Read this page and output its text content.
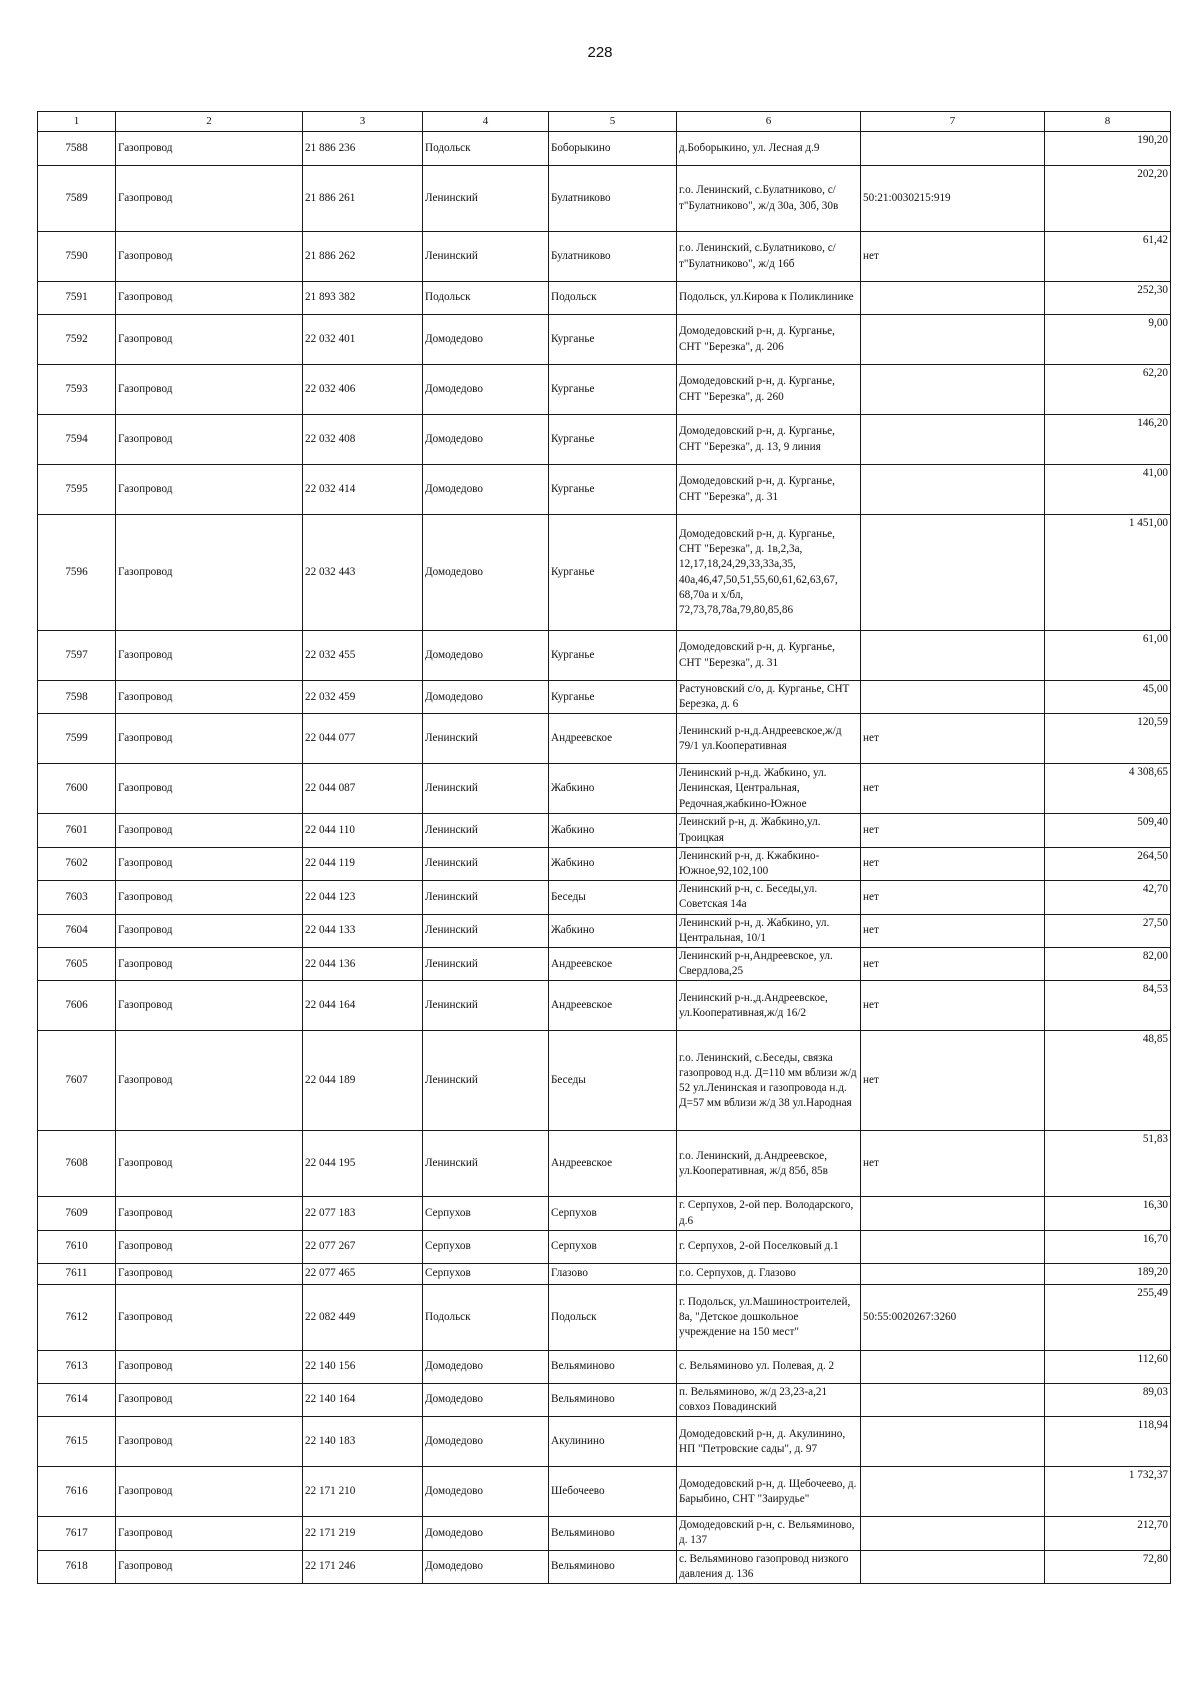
228
1	2	3	4	5	6	7	8
7588	Газопровод	21 886 236	Подольск	Боборыкино	д.Боборыкино, ул. Лесная д.9		190,20
7589	Газопровод	21 886 261	Ленинский	Булатниково	г.о. Ленинский, с.Булатниково, с/т"Булатниково", ж/д 30а, 30б, 30в	50:21:0030215:919	202,20
7590	Газопровод	21 886 262	Ленинский	Булатниково	г.о. Ленинский, с.Булатниково, с/т"Булатниково", ж/д 16б	нет	61,42
7591	Газопровод	21 893 382	Подольск	Подольск	Подольск, ул.Кирова к Поликлинике		252,30
7592	Газопровод	22 032 401	Домодедово	Курганье	Домодедовский р-н, д. Курганье, СНТ "Березка", д. 206		9,00
7593	Газопровод	22 032 406	Домодедово	Курганье	Домодедовский р-н, д. Курганье, СНТ "Березка", д. 260		62,20
7594	Газопровод	22 032 408	Домодедово	Курганье	Домодедовский р-н, д. Курганье, СНТ "Березка", д. 13, 9 линия		146,20
7595	Газопровод	22 032 414	Домодедово	Курганье	Домодедовский р-н, д. Курганье, СНТ "Березка", д. 31		41,00
7596	Газопровод	22 032 443	Домодедово	Курганье	Домодедовский р-н, д. Курганье, СНТ "Березка", д. 1в,2,3а, 12,17,18,24,29,33,33а,35, 40а,46,47,50,51,55,60,61,62,63,67, 68,70а и х/бл, 72,73,78,78а,79,80,85,86		1 451,00
7597	Газопровод	22 032 455	Домодедово	Курганье	Домодедовский р-н, д. Курганье, СНТ "Березка", д. 31		61,00
7598	Газопровод	22 032 459	Домодедово	Курганье	Растуновский с/о, д. Курганье, СНТ Березка, д. 6		45,00
7599	Газопровод	22 044 077	Ленинский	Андреевское	Ленинский р-н,д.Андреевское,ж/д 79/1 ул.Кооперативная	нет	120,59
7600	Газопровод	22 044 087	Ленинский	Жабкино	Ленинский р-н,д. Жабкино, ул. Ленинская, Центральная, Редочная,жабкино-Южное	нет	4 308,65
7601	Газопровод	22 044 110	Ленинский	Жабкино	Леинский р-н, д. Жабкино,ул. Троицкая	нет	509,40
7602	Газопровод	22 044 119	Ленинский	Жабкино	Ленинский р-н, д. Кжабкино-Южное,92,102,100	нет	264,50
7603	Газопровод	22 044 123	Ленинский	Беседы	Ленинский р-н, с. Беседы,ул. Советская 14а	нет	42,70
7604	Газопровод	22 044 133	Ленинский	Жабкино	Ленинский р-н, д. Жабкино, ул. Центральная, 10/1	нет	27,50
7605	Газопровод	22 044 136	Ленинский	Андреевское	Ленинский р-н,Андреевское, ул. Свердлова,25	нет	82,00
7606	Газопровод	22 044 164	Ленинский	Андреевское	Ленинский р-н.,д.Андреевское, ул.Кооперативная,ж/д 16/2	нет	84,53
7607	Газопровод	22 044 189	Ленинский	Беседы	г.о. Ленинский, с.Беседы, связка газопровод н.д. Д=110 мм вблизи ж/д 52 ул.Ленинская и газопровода н.д. Д=57 мм вблизи ж/д 38 ул.Народная	нет	48,85
7608	Газопровод	22 044 195	Ленинский	Андреевское	г.о. Ленинский, д.Андреевское, ул.Кооперативная, ж/д 85б, 85в	нет	51,83
7609	Газопровод	22 077 183	Серпухов	Серпухов	г. Серпухов, 2-ой пер. Володарского, д.6		16,30
7610	Газопровод	22 077 267	Серпухов	Серпухов	г. Серпухов, 2-ой Поселковый д.1		16,70
7611	Газопровод	22 077 465	Серпухов	Глазово	г.о. Серпухов, д. Глазово		189,20
7612	Газопровод	22 082 449	Подольск	Подольск	г. Подольск, ул.Машиностроителей, 8а, "Детское дошкольное учреждение на 150 мест"	50:55:0020267:3260	255,49
7613	Газопровод	22 140 156	Домодедово	Вельяминово	с. Вельяминово ул. Полевая, д. 2		112,60
7614	Газопровод	22 140 164	Домодедово	Вельяминово	п. Вельяминово, ж/д 23,23-а,21 совхоз Повадинский		89,03
7615	Газопровод	22 140 183	Домодедово	Акулинино	Домодедовский р-н, д. Акулинино, НП "Петровские сады", д. 97		118,94
7616	Газопровод	22 171 210	Домодедово	Шебочеево	Домодедовский р-н, д. Щебочеево, д. Барыбино, СНТ "Заирудье"		1 732,37
7617	Газопровод	22 171 219	Домодедово	Вельяминово	Домодедовский р-н, с. Вельяминово, д. 137		212,70
7618	Газопровод	22 171 246	Домодедово	Вельяминово	с. Вельяминово газопровод низкого давления д. 136		72,80
